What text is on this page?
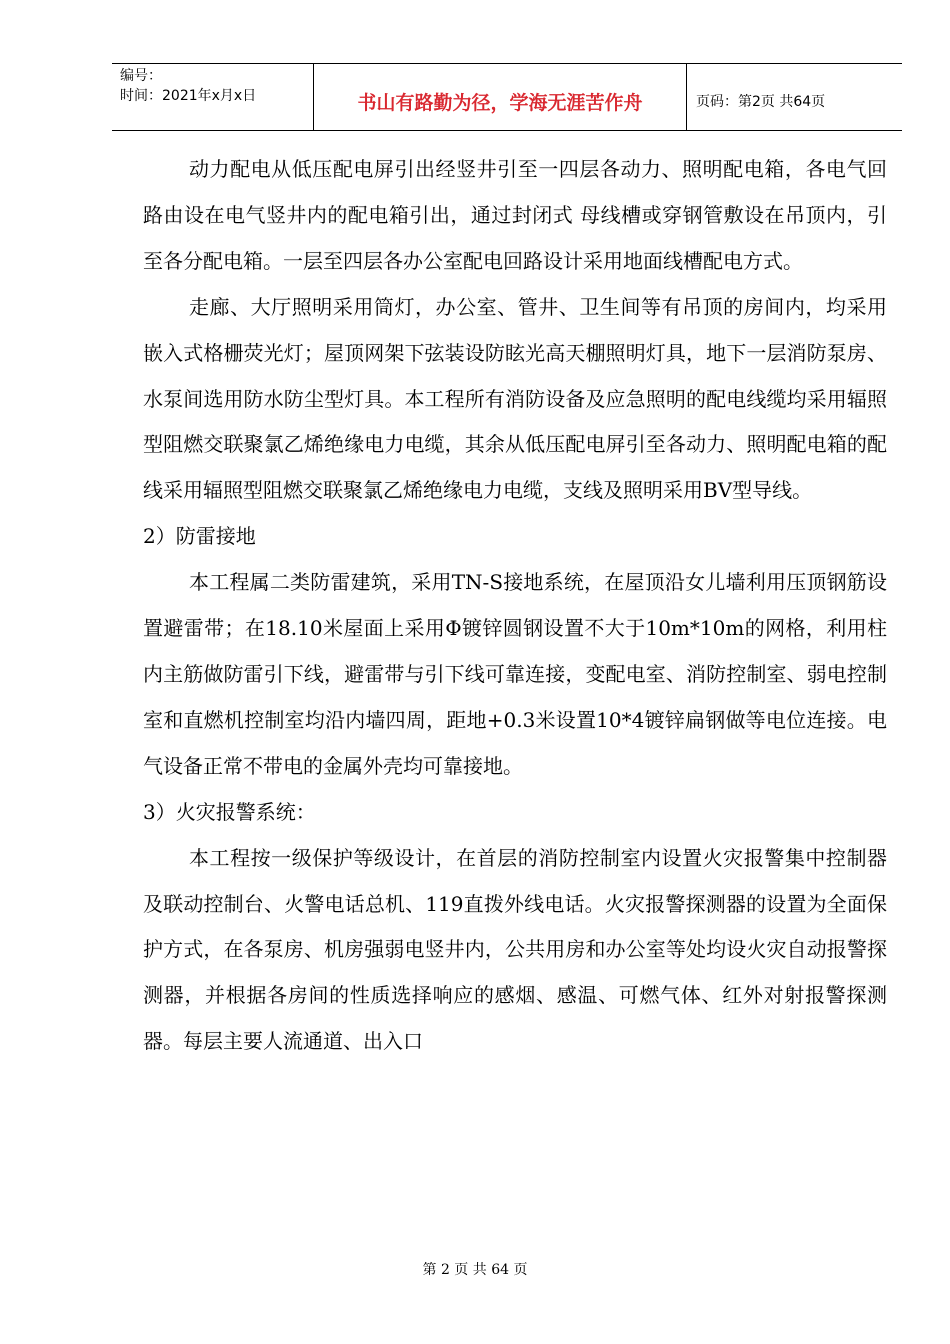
编号：
时间：2021年x月x日	书山有路勤为径，学海无涯苦作舟	页码：第2页 共64页

动力配电从低压配电屏引出经竖井引至一四层各动力、照明配电箱，各电气回路由设在电气竖井内的配电箱引出，通过封闭式 母线槽或穿钢管敷设在吊顶内，引至各分配电箱。一层至四层各办公室配电回路设计采用地面线槽配电方式。

走廊、大厅照明采用筒灯，办公室、管井、卫生间等有吊顶的房间内，均采用嵌入式格栅荧光灯；屋顶网架下弦装设防眩光高天棚照明灯具，地下一层消防泵房、水泵间选用防水防尘型灯具。本工程所有消防设备及应急照明的配电线缆均采用辐照型阻燃交联聚氯乙烯绝缘电力电缆，其余从低压配电屏引至各动力、照明配电箱的配线采用辐照型阻燃交联聚氯乙烯绝缘电力电缆，支线及照明采用BV型导线。

2）防雷接地

本工程属二类防雷建筑，采用TN-S接地系统，在屋顶沿女儿墙利用压顶钢筋设置避雷带；在18.10米屋面上采用Φ镀锌圆钢设置不大于10m*10m的网格，利用柱内主筋做防雷引下线，避雷带与引下线可靠连接，变配电室、消防控制室、弱电控制室和直燃机控制室均沿内墙四周，距地+0.3米设置10*4镀锌扁钢做等电位连接。电气设备正常不带电的金属外壳均可靠接地。

3）火灾报警系统：

本工程按一级保护等级设计，在首层的消防控制室内设置火灾报警集中控制器及联动控制台、火警电话总机、119直拨外线电话。火灾报警探测器的设置为全面保护方式，在各泵房、机房强弱电竖井内，公共用房和办公室等处均设火灾自动报警探测器，并根据各房间的性质选择响应的感烟、感温、可燃气体、红外对射报警探测器。每层主要人流通道、出入口

第 2 页 共 64 页
